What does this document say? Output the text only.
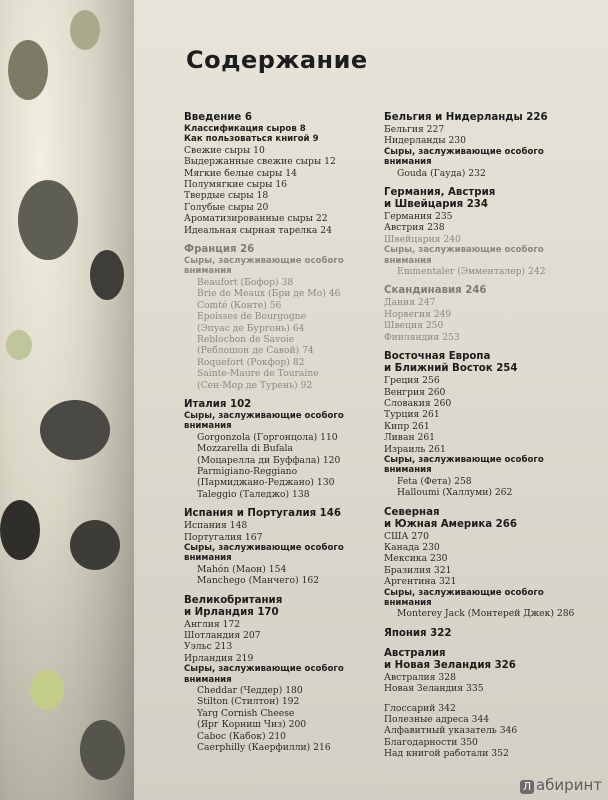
Содержание
Введение 6
Классификация сыров 8
Как пользоваться книгой 9
Свежие сыры 10
Выдержанные свежие сыры 12
Мягкие белые сыры 14
Полумягкие сыры 16
Твердые сыры 18
Голубые сыры 20
Ароматизированные сыры 22
Идеальная сырная тарелка 24
Франция 26
Сыры, заслуживающие особого
внимания
Beaufort (Бофор) 38
Brie de Meaux (Бри де Mo) 46
Comté (Конте) 56
Epoisses de Bourgogne
(Эпуас де Бургонь) 64
Reblochon de Savoie
(Реблошон де Савой) 74
Roquefort (Рокфор) 82
Sainte-Maure de Touraine
(Сен-Мор де Турень) 92
Италия 102
Сыры, заслуживающие особого
внимания
Gorgonzola (Горгонцола) 110
Mozzarella di Bufala
(Моцарелла ди Буффала) 120
Parmigiano-Reggiano
(Пармиджано-Реджано) 130
Taleggio (Таледжо) 138
Испания и Португалия 146
Испания 148
Португалия 167
Сыры, заслуживающие особого
внимания
Mahón (Маон) 154
Manchego (Манчего) 162
Великобритания
и Ирландия 170
Англия 172
Шотландия 207
Уэльс 213
Ирландия 219
Сыры, заслуживающие особого
внимания
Cheddar (Чеддер) 180
Stilton (Стилтон) 192
Yarg Cornish Cheese
(Ярг Корниш Чиз) 200
Caboc (Кабок) 210
Caerphilly (Каерфилли) 216
Бельгия и Нидерланды 226
Бельгия 227
Нидерланды 230
Сыры, заслуживающие особого
внимания
Gouda (Гауда) 232
Германия, Австрия
и Швейцария 234
Германия 235
Австрия 238
Швейцария 240
Сыры, заслуживающие особого
внимания
Emmentaler (Эмменталер) 242
Скандинавия 246
Дания 247
Норвегия 249
Швеция 250
Финляндия 253
Восточная Европа
и Ближний Восток 254
Греция 256
Венгрия 260
Словакия 260
Турция 261
Кипр 261
Ливан 261
Израиль 261
Сыры, заслуживающие особого
внимания
Feta (Фета) 258
Halloumi (Халлуми) 262
Северная
и Южная Америка 266
США 270
Канада 230
Мексика 230
Бразилия 321
Аргентина 321
Сыры, заслуживающие особого
внимания
Monterey Jack (Монтерей Джек) 286
Япония 322
Австралия
и Новая Зеландия 326
Австралия 328
Новая Зеландия 335
Глоссарий 342
Полезные адреса 344
Алфавитный указатель 346
Благодарности 350
Над книгой работали 352
Л абиринт
